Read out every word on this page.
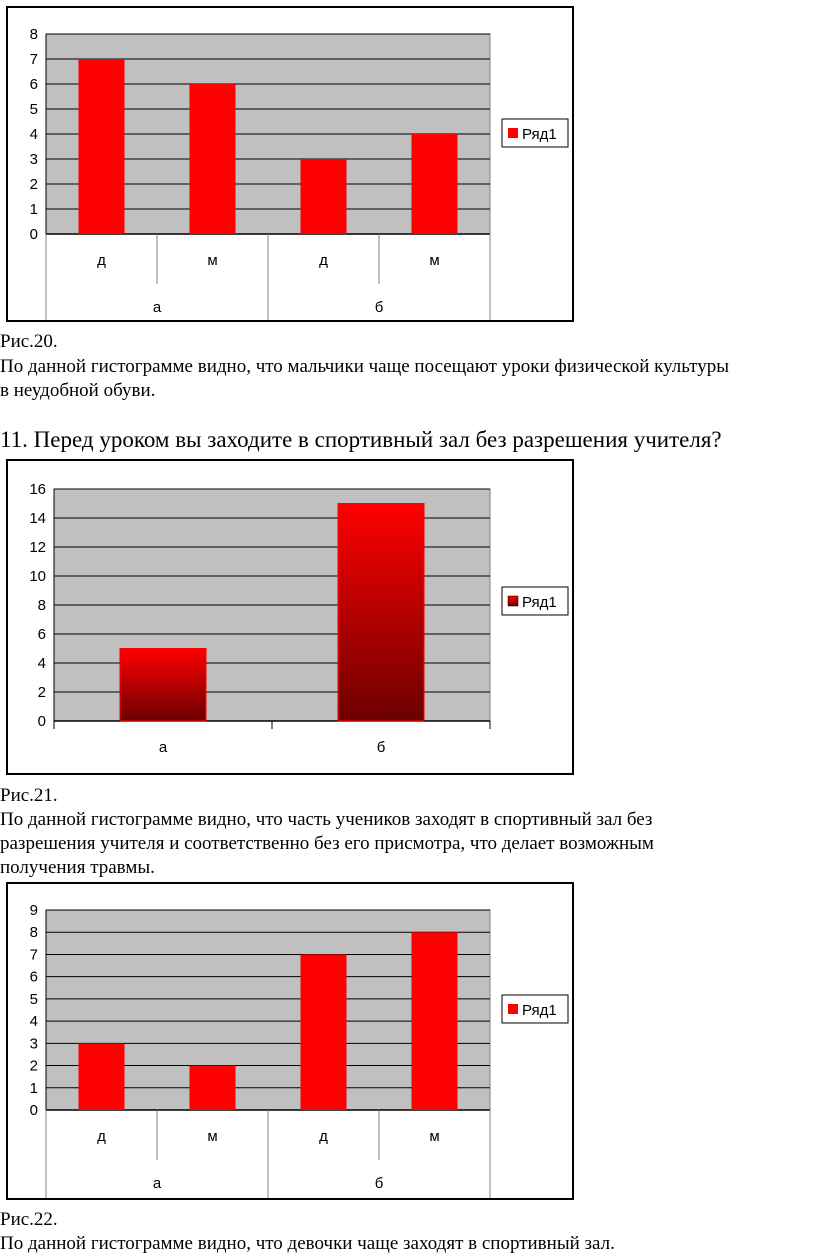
0
1
2
3
4
5
6
7
8
д	м	д	м
а	б
Ряд1
Рис.20.
По данной гистограмме видно, что мальчики чаще посещают уроки физической культуры
в неудобной обуви.
11. Перед уроком вы заходите в спортивный зал без разрешения учителя?
0
2
4
6
8
10
12
14
16
а	б
Ряд1
Рис.21.
По данной гистограмме видно, что часть учеников заходят в спортивный зал без
разрешения учителя и соответственно без его присмотра, что делает возможным
получения травмы.
0
1
2
3
4
5
6
7
8
9
д	м	д	м
а	б
Ряд1
Рис.22.
По данной гистограмме видно, что девочки чаще заходят в спортивный зал.
